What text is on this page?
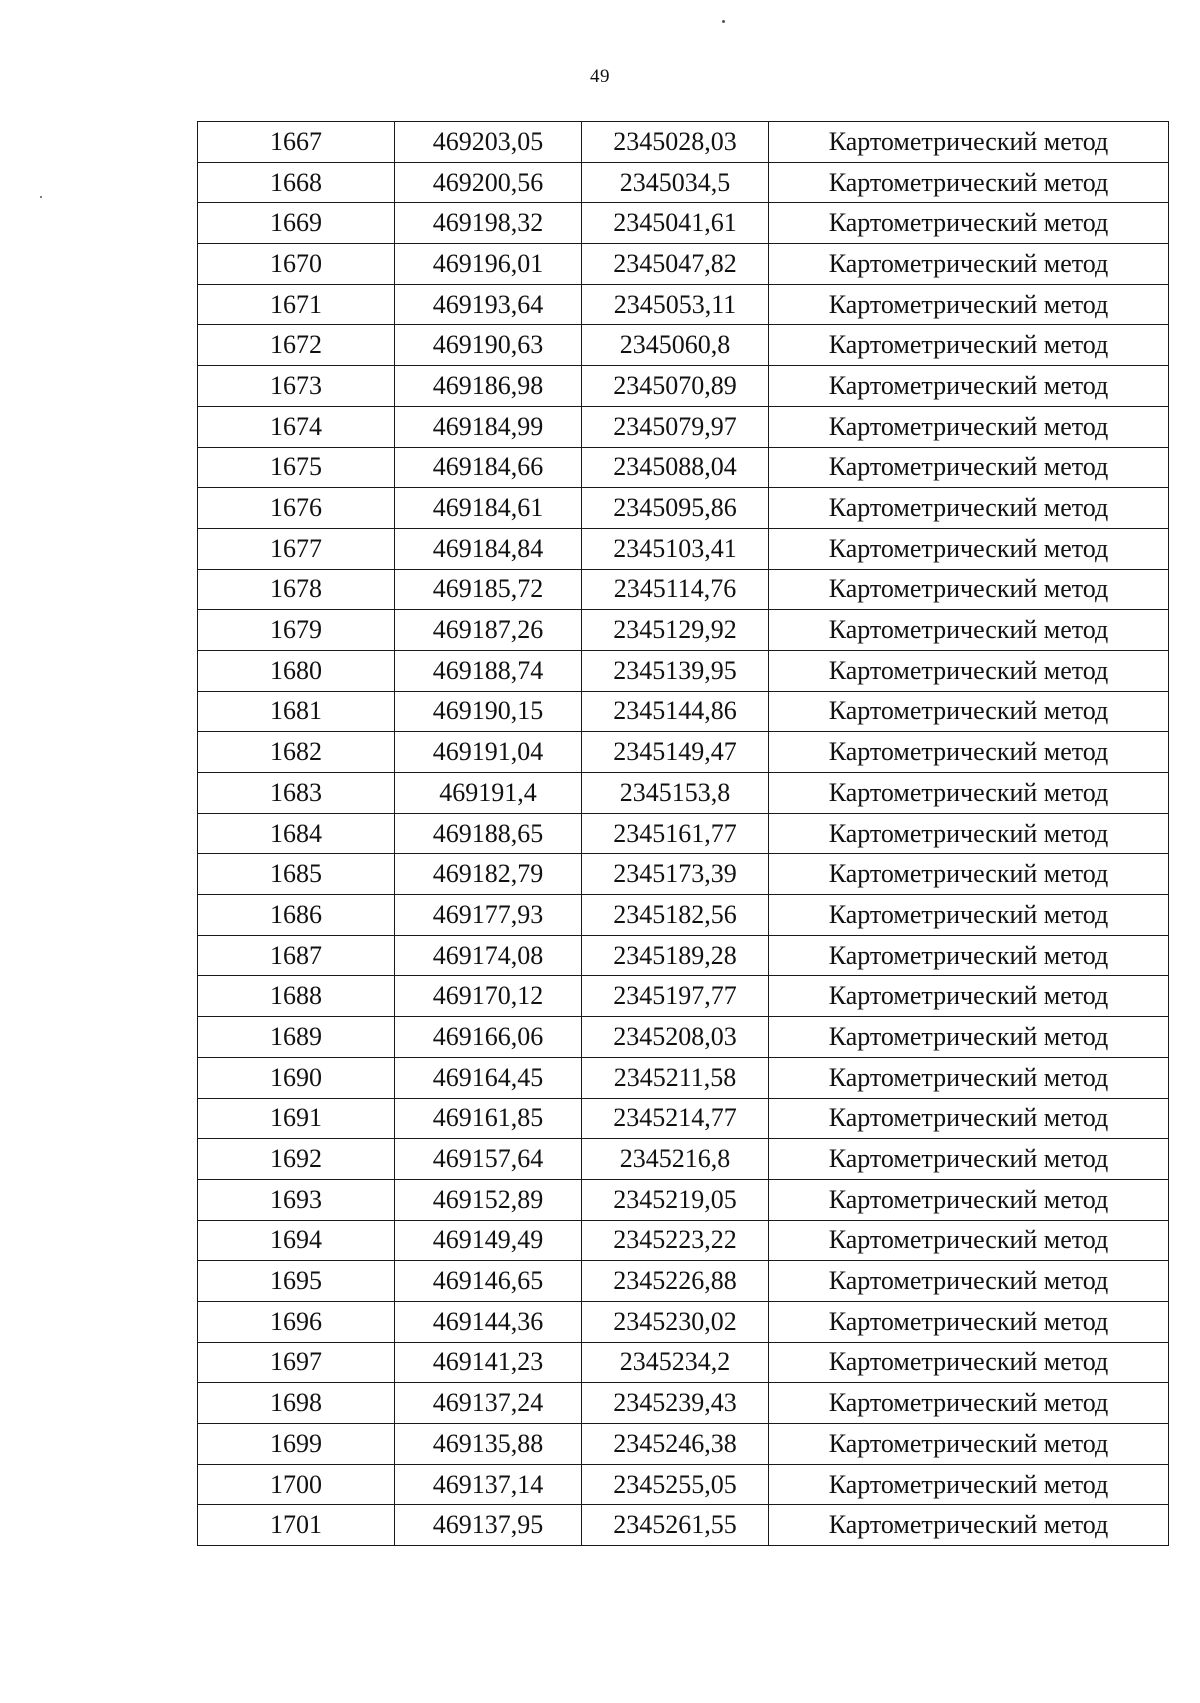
49
1667	469203,05	2345028,03	Картометрический метод
1668	469200,56	2345034,5	Картометрический метод
1669	469198,32	2345041,61	Картометрический метод
1670	469196,01	2345047,82	Картометрический метод
1671	469193,64	2345053,11	Картометрический метод
1672	469190,63	2345060,8	Картометрический метод
1673	469186,98	2345070,89	Картометрический метод
1674	469184,99	2345079,97	Картометрический метод
1675	469184,66	2345088,04	Картометрический метод
1676	469184,61	2345095,86	Картометрический метод
1677	469184,84	2345103,41	Картометрический метод
1678	469185,72	2345114,76	Картометрический метод
1679	469187,26	2345129,92	Картометрический метод
1680	469188,74	2345139,95	Картометрический метод
1681	469190,15	2345144,86	Картометрический метод
1682	469191,04	2345149,47	Картометрический метод
1683	469191,4	2345153,8	Картометрический метод
1684	469188,65	2345161,77	Картометрический метод
1685	469182,79	2345173,39	Картометрический метод
1686	469177,93	2345182,56	Картометрический метод
1687	469174,08	2345189,28	Картометрический метод
1688	469170,12	2345197,77	Картометрический метод
1689	469166,06	2345208,03	Картометрический метод
1690	469164,45	2345211,58	Картометрический метод
1691	469161,85	2345214,77	Картометрический метод
1692	469157,64	2345216,8	Картометрический метод
1693	469152,89	2345219,05	Картометрический метод
1694	469149,49	2345223,22	Картометрический метод
1695	469146,65	2345226,88	Картометрический метод
1696	469144,36	2345230,02	Картометрический метод
1697	469141,23	2345234,2	Картометрический метод
1698	469137,24	2345239,43	Картометрический метод
1699	469135,88	2345246,38	Картометрический метод
1700	469137,14	2345255,05	Картометрический метод
1701	469137,95	2345261,55	Картометрический метод
